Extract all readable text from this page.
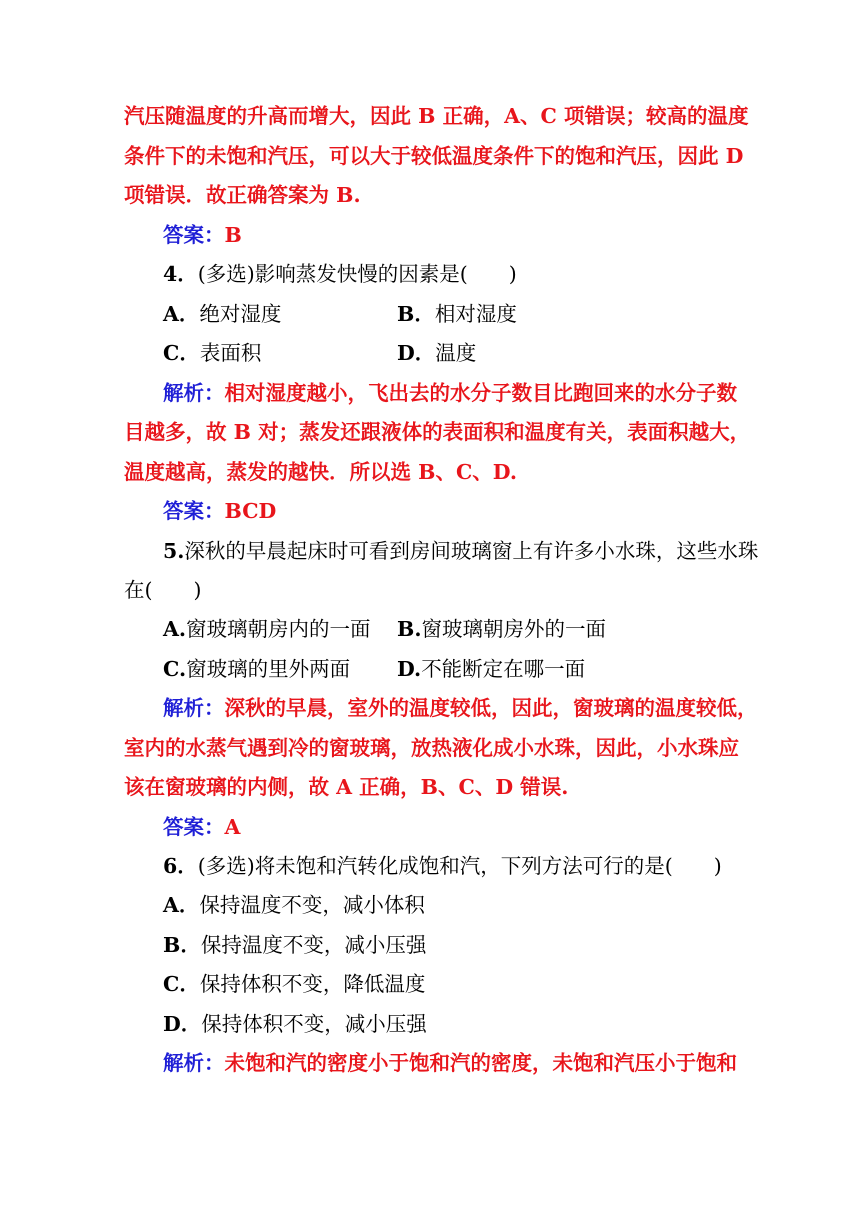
汽压随温度的升高而增大，因此 B 正确，A、C 项错误；较高的温度
条件下的未饱和汽压，可以大于较低温度条件下的饱和汽压，因此 D
项错误．故正确答案为 B.
答案：B
4．(多选)影响蒸发快慢的因素是(　　)
A．绝对湿度	B．相对湿度
C．表面积	D．温度
解析：相对湿度越小，飞出去的水分子数目比跑回来的水分子数
目越多，故 B 对；蒸发还跟液体的表面积和温度有关，表面积越大，
温度越高，蒸发的越快．所以选 B、C、D.
答案：BCD
5.深秋的早晨起床时可看到房间玻璃窗上有许多小水珠，这些水珠
在(　　)
A.窗玻璃朝房内的一面 B.窗玻璃朝房外的一面
C.窗玻璃的里外两面 D.不能断定在哪一面
解析：深秋的早晨，室外的温度较低，因此，窗玻璃的温度较低，
室内的水蒸气遇到冷的窗玻璃，放热液化成小水珠，因此，小水珠应
该在窗玻璃的内侧，故 A 正确，B、C、D 错误.
答案：A
6．(多选)将未饱和汽转化成饱和汽，下列方法可行的是(　　)
A．保持温度不变，减小体积
B．保持温度不变，减小压强
C．保持体积不变，降低温度
D．保持体积不变，减小压强
解析：未饱和汽的密度小于饱和汽的密度，未饱和汽压小于饱和
